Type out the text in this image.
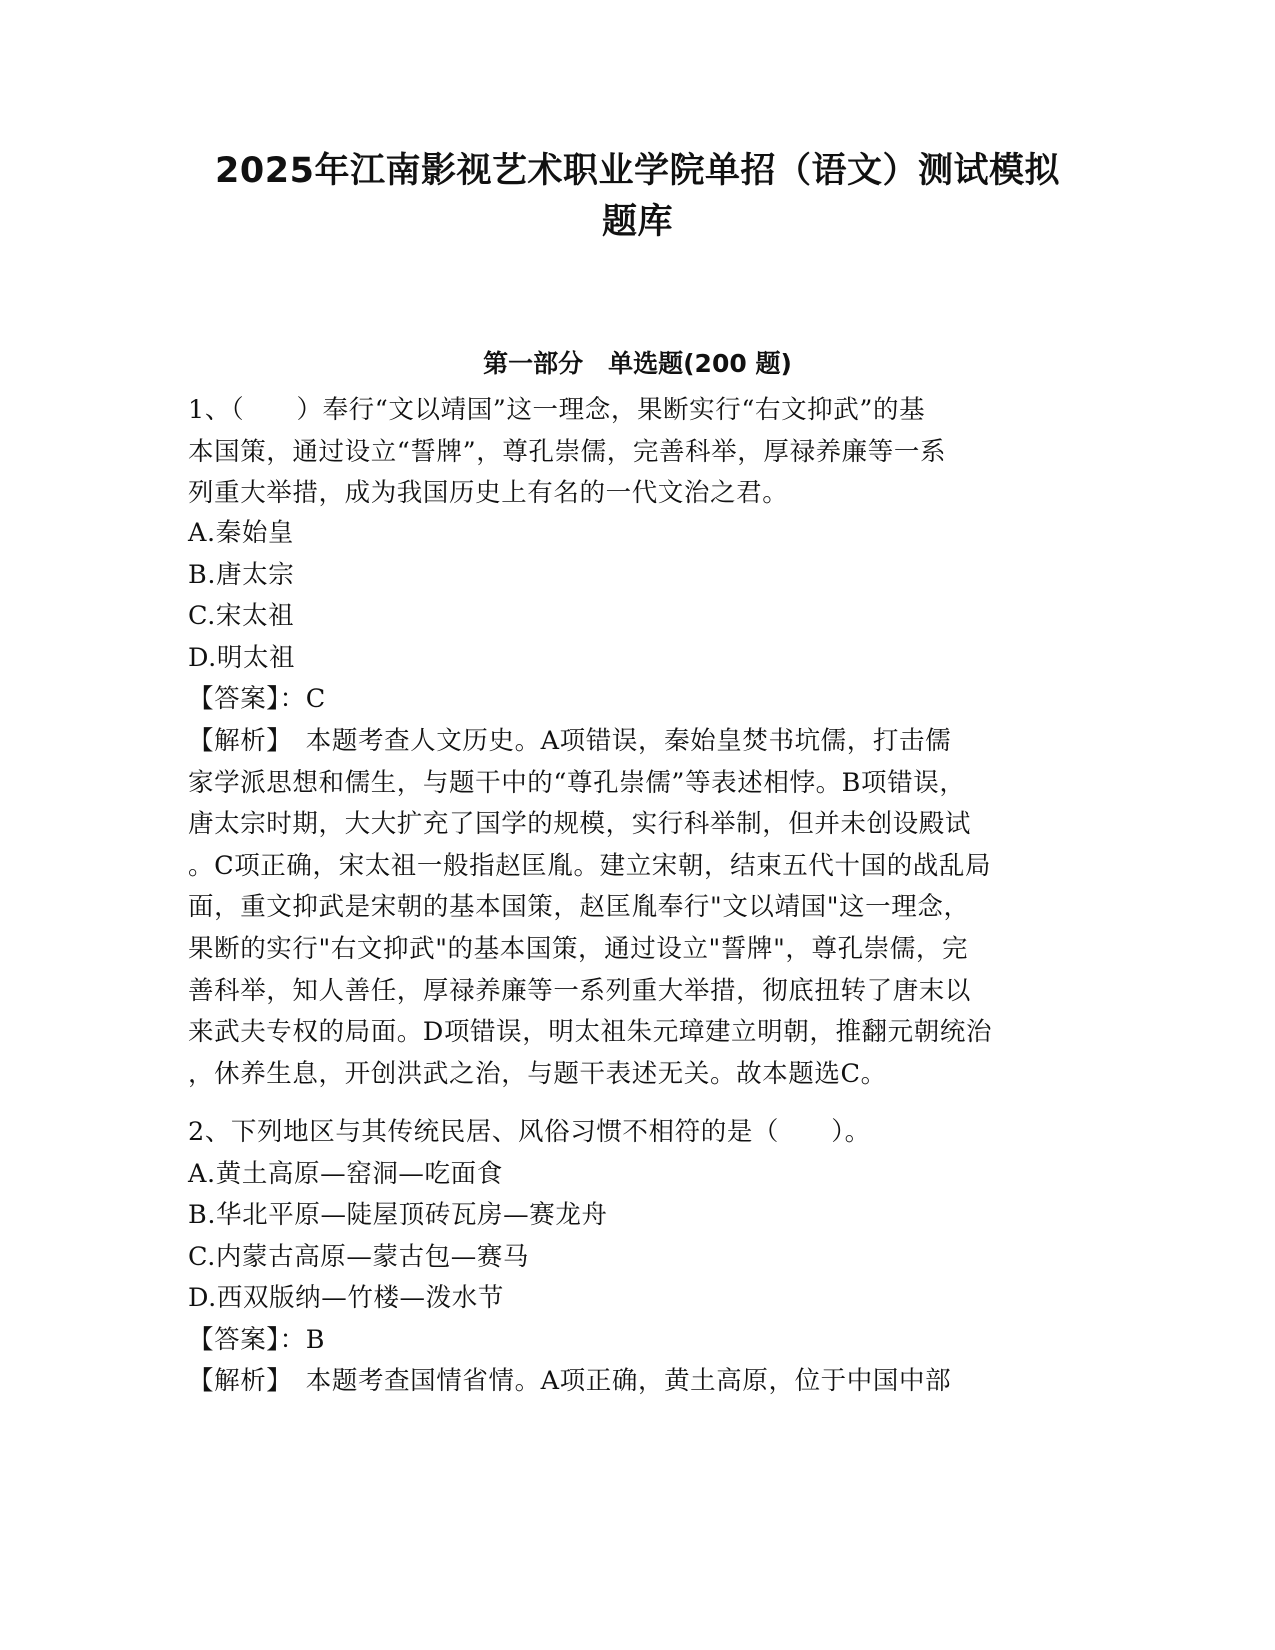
2025年江南影视艺术职业学院单招（语文）测试模拟
题库
第一部分　单选题(200 题)
1、（　　）奉行“文以靖国”这一理念，果断实行“右文抑武”的基
本国策，通过设立“誓牌”，尊孔崇儒，完善科举，厚禄养廉等一系
列重大举措，成为我国历史上有名的一代文治之君。
A.秦始皇
B.唐太宗
C.宋太祖
D.明太祖
【答案】：C
【解析】　本题考查人文历史。A项错误，秦始皇焚书坑儒，打击儒
家学派思想和儒生，与题干中的“尊孔崇儒”等表述相悖。B项错误，
唐太宗时期，大大扩充了国学的规模，实行科举制，但并未创设殿试
。C项正确，宋太祖一般指赵匡胤。建立宋朝，结束五代十国的战乱局
面，重文抑武是宋朝的基本国策，赵匡胤奉行"文以靖国"这一理念，
果断的实行"右文抑武"的基本国策，通过设立"誓牌"，尊孔崇儒，完
善科举，知人善任，厚禄养廉等一系列重大举措，彻底扭转了唐末以
来武夫专权的局面。D项错误，明太祖朱元璋建立明朝，推翻元朝统治
，休养生息，开创洪武之治，与题干表述无关。故本题选C。
2、下列地区与其传统民居、风俗习惯不相符的是（　　）。
A.黄土高原—窑洞—吃面食
B.华北平原—陡屋顶砖瓦房—赛龙舟
C.内蒙古高原—蒙古包—赛马
D.西双版纳—竹楼—泼水节
【答案】：B
【解析】　本题考查国情省情。A项正确，黄土高原，位于中国中部
